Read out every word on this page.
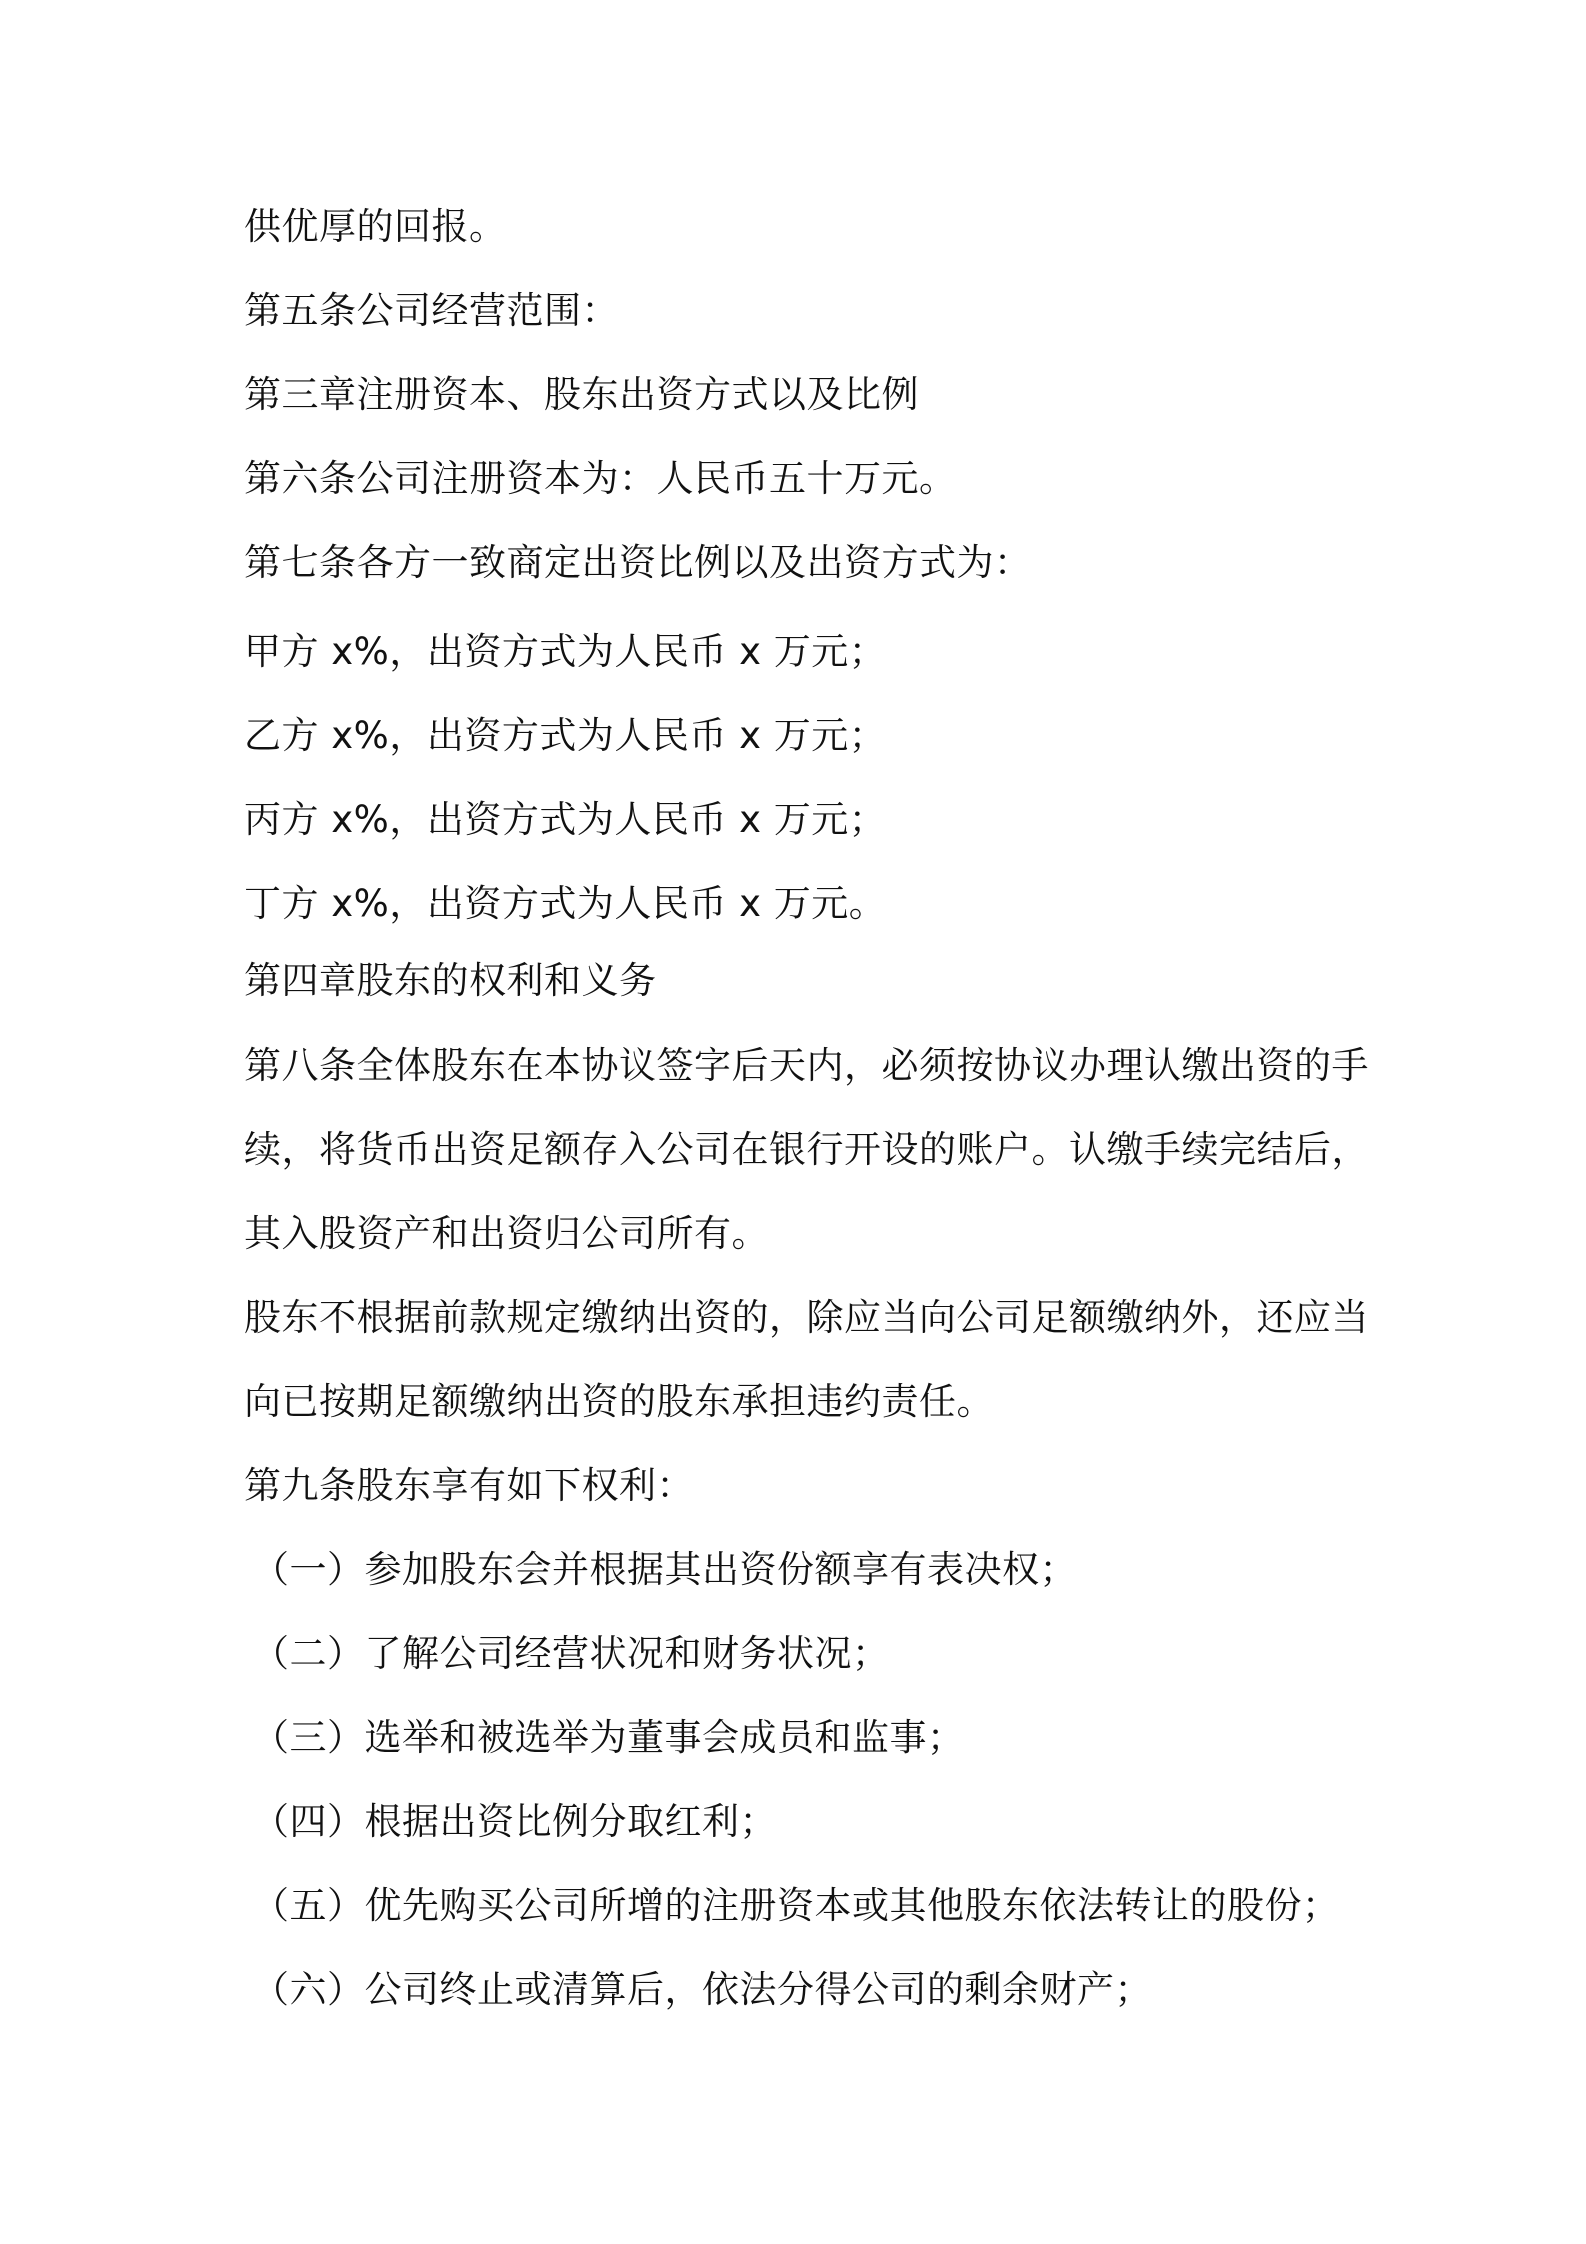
供优厚的回报。
第五条公司经营范围：
第三章注册资本、股东出资方式以及比例
第六条公司注册资本为：人民币五十万元。
第七条各方一致商定出资比例以及出资方式为：
甲方 x%，出资方式为人民币 x 万元；
乙方 x%，出资方式为人民币 x 万元；
丙方 x%，出资方式为人民币 x 万元；
丁方 x%，出资方式为人民币 x 万元。
第四章股东的权利和义务
第八条全体股东在本协议签字后天内，必须按协议办理认缴出资的手
续，将货币出资足额存入公司在银行开设的账户。认缴手续完结后，
其入股资产和出资归公司所有。
股东不根据前款规定缴纳出资的，除应当向公司足额缴纳外，还应当
向已按期足额缴纳出资的股东承担违约责任。
第九条股东享有如下权利：
（一）参加股东会并根据其出资份额享有表决权；
（二）了解公司经营状况和财务状况；
（三）选举和被选举为董事会成员和监事；
（四）根据出资比例分取红利；
（五）优先购买公司所增的注册资本或其他股东依法转让的股份；
（六）公司终止或清算后，依法分得公司的剩余财产；
